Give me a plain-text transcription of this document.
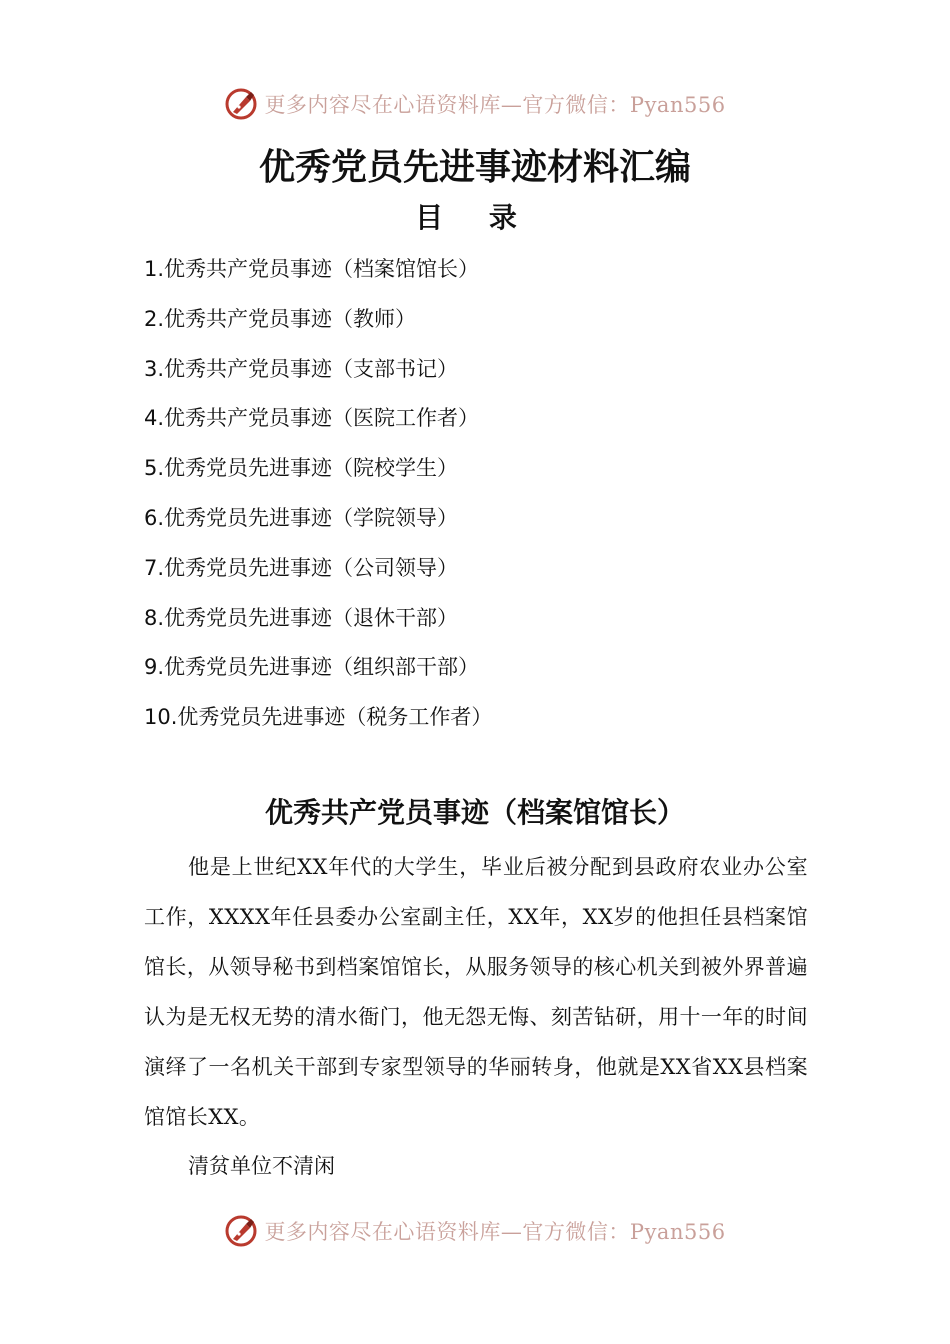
更多内容尽在心语资料库—官方微信：Pyan556
优秀党员先进事迹材料汇编
目 录
1.优秀共产党员事迹（档案馆馆长）
2.优秀共产党员事迹（教师）
3.优秀共产党员事迹（支部书记）
4.优秀共产党员事迹（医院工作者）
5.优秀党员先进事迹（院校学生）
6.优秀党员先进事迹（学院领导）
7.优秀党员先进事迹（公司领导）
8.优秀党员先进事迹（退休干部）
9.优秀党员先进事迹（组织部干部）
10.优秀党员先进事迹（税务工作者）
优秀共产党员事迹（档案馆馆长）

他是上世纪XX年代的大学生，毕业后被分配到县政府农业办公室工作，XXXX年任县委办公室副主任，XX年，XX岁的他担任县档案馆馆长，从领导秘书到档案馆馆长，从服务领导的核心机关到被外界普遍认为是无权无势的清水衙门，他无怨无悔、刻苦钻研，用十一年的时间演绎了一名机关干部到专家型领导的华丽转身，他就是XX省XX县档案馆馆长XX。

清贫单位不清闲

更多内容尽在心语资料库—官方微信：Pyan556
